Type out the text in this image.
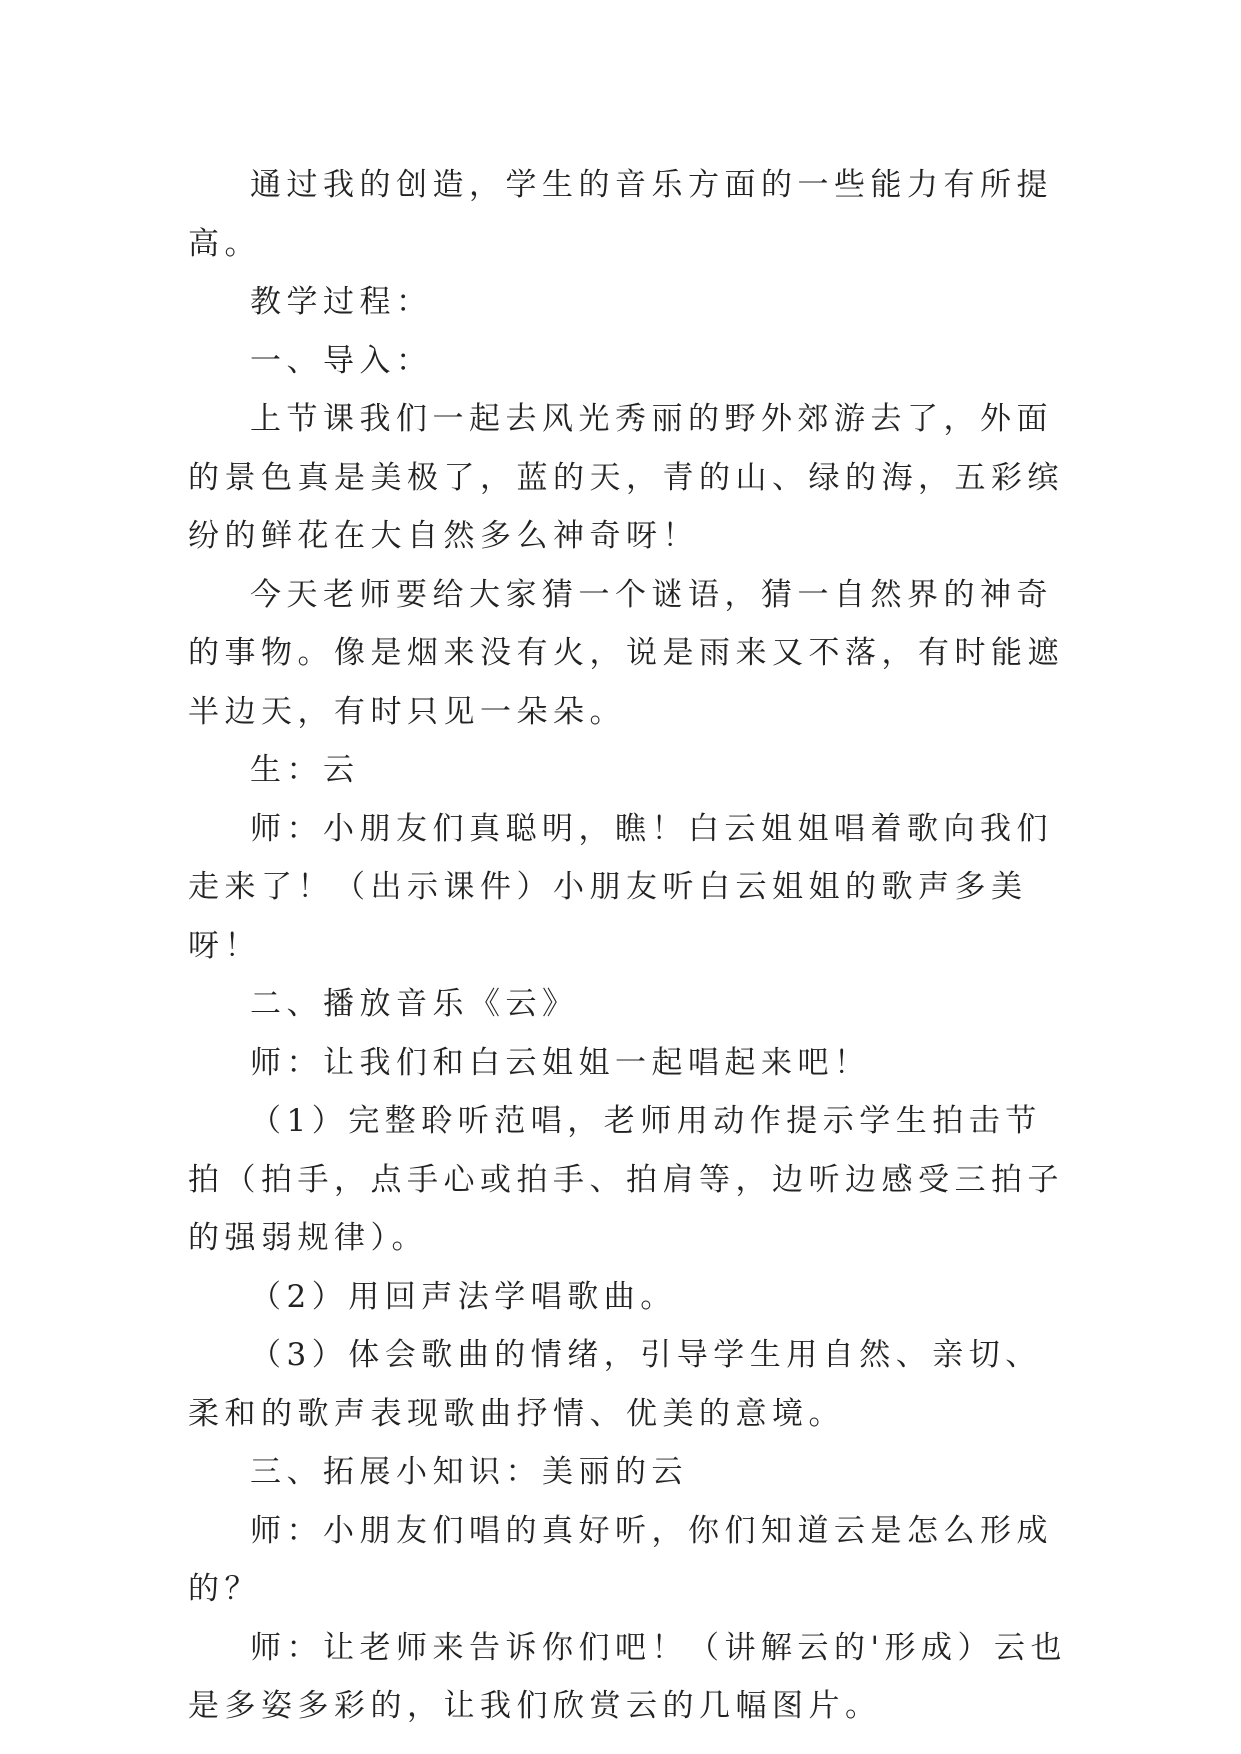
通过我的创造，学生的音乐方面的一些能力有所提高。

教学过程：

一、导入：

上节课我们一起去风光秀丽的野外郊游去了，外面的景色真是美极了，蓝的天，青的山、绿的海，五彩缤纷的鲜花在大自然多么神奇呀！

今天老师要给大家猜一个谜语，猜一自然界的神奇的事物。像是烟来没有火，说是雨来又不落，有时能遮半边天，有时只见一朵朵。

生：云

师：小朋友们真聪明，瞧！白云姐姐唱着歌向我们走来了！（出示课件）小朋友听白云姐姐的歌声多美呀！

二、播放音乐《云》

师：让我们和白云姐姐一起唱起来吧！

（1）完整聆听范唱，老师用动作提示学生拍击节拍（拍手，点手心或拍手、拍肩等，边听边感受三拍子的强弱规律）。

（2）用回声法学唱歌曲。

（3）体会歌曲的情绪，引导学生用自然、亲切、柔和的歌声表现歌曲抒情、优美的意境。

三、拓展小知识：美丽的云

师：小朋友们唱的真好听，你们知道云是怎么形成的？

师：让老师来告诉你们吧！（讲解云的'形成）云也是多姿多彩的，让我们欣赏云的几幅图片。
